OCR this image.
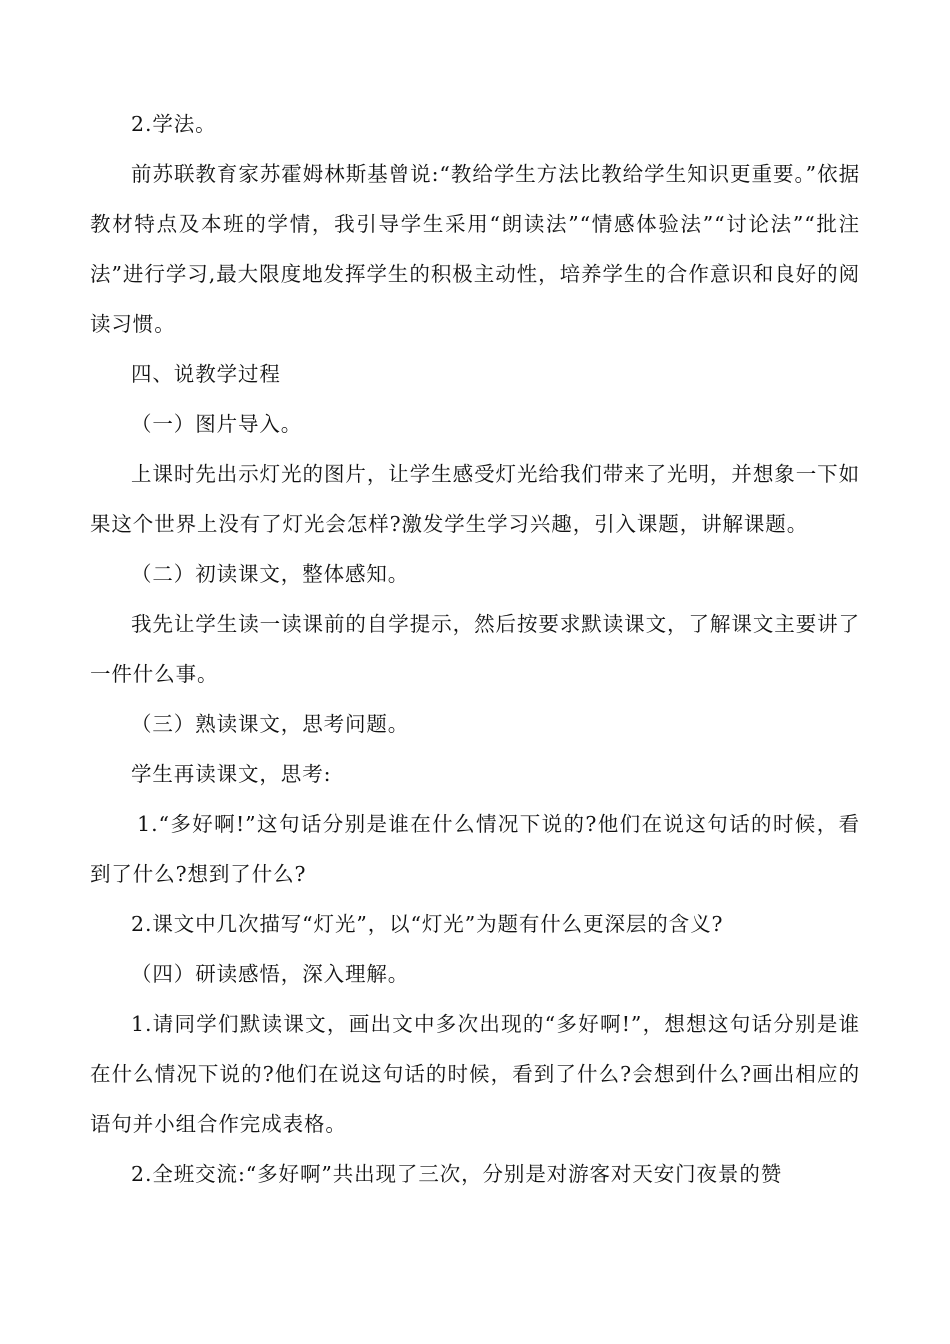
2.学法。

前苏联教育家苏霍姆林斯基曾说:“教给学生方法比教给学生知识更重要。”依据教材特点及本班的学情，我引导学生采用“朗读法”“情感体验法”“讨论法”“批注法”进行学习,最大限度地发挥学生的积极主动性，培养学生的合作意识和良好的阅读习惯。

四、说教学过程

（一）图片导入。

上课时先出示灯光的图片，让学生感受灯光给我们带来了光明，并想象一下如果这个世界上没有了灯光会怎样?激发学生学习兴趣，引入课题，讲解课题。

（二）初读课文，整体感知。

我先让学生读一读课前的自学提示，然后按要求默读课文，了解课文主要讲了一件什么事。

（三）熟读课文，思考问题。

学生再读课文，思考:

1.“多好啊!”这句话分别是谁在什么情况下说的?他们在说这句话的时候，看到了什么?想到了什么?

2.课文中几次描写“灯光”，以“灯光”为题有什么更深层的含义?

（四）研读感悟，深入理解。

1.请同学们默读课文，画出文中多次出现的“多好啊!”，想想这句话分别是谁在什么情况下说的?他们在说这句话的时候，看到了什么?会想到什么?画出相应的语句并小组合作完成表格。

2.全班交流:“多好啊”共出现了三次，分别是对游客对天安门夜景的赞
